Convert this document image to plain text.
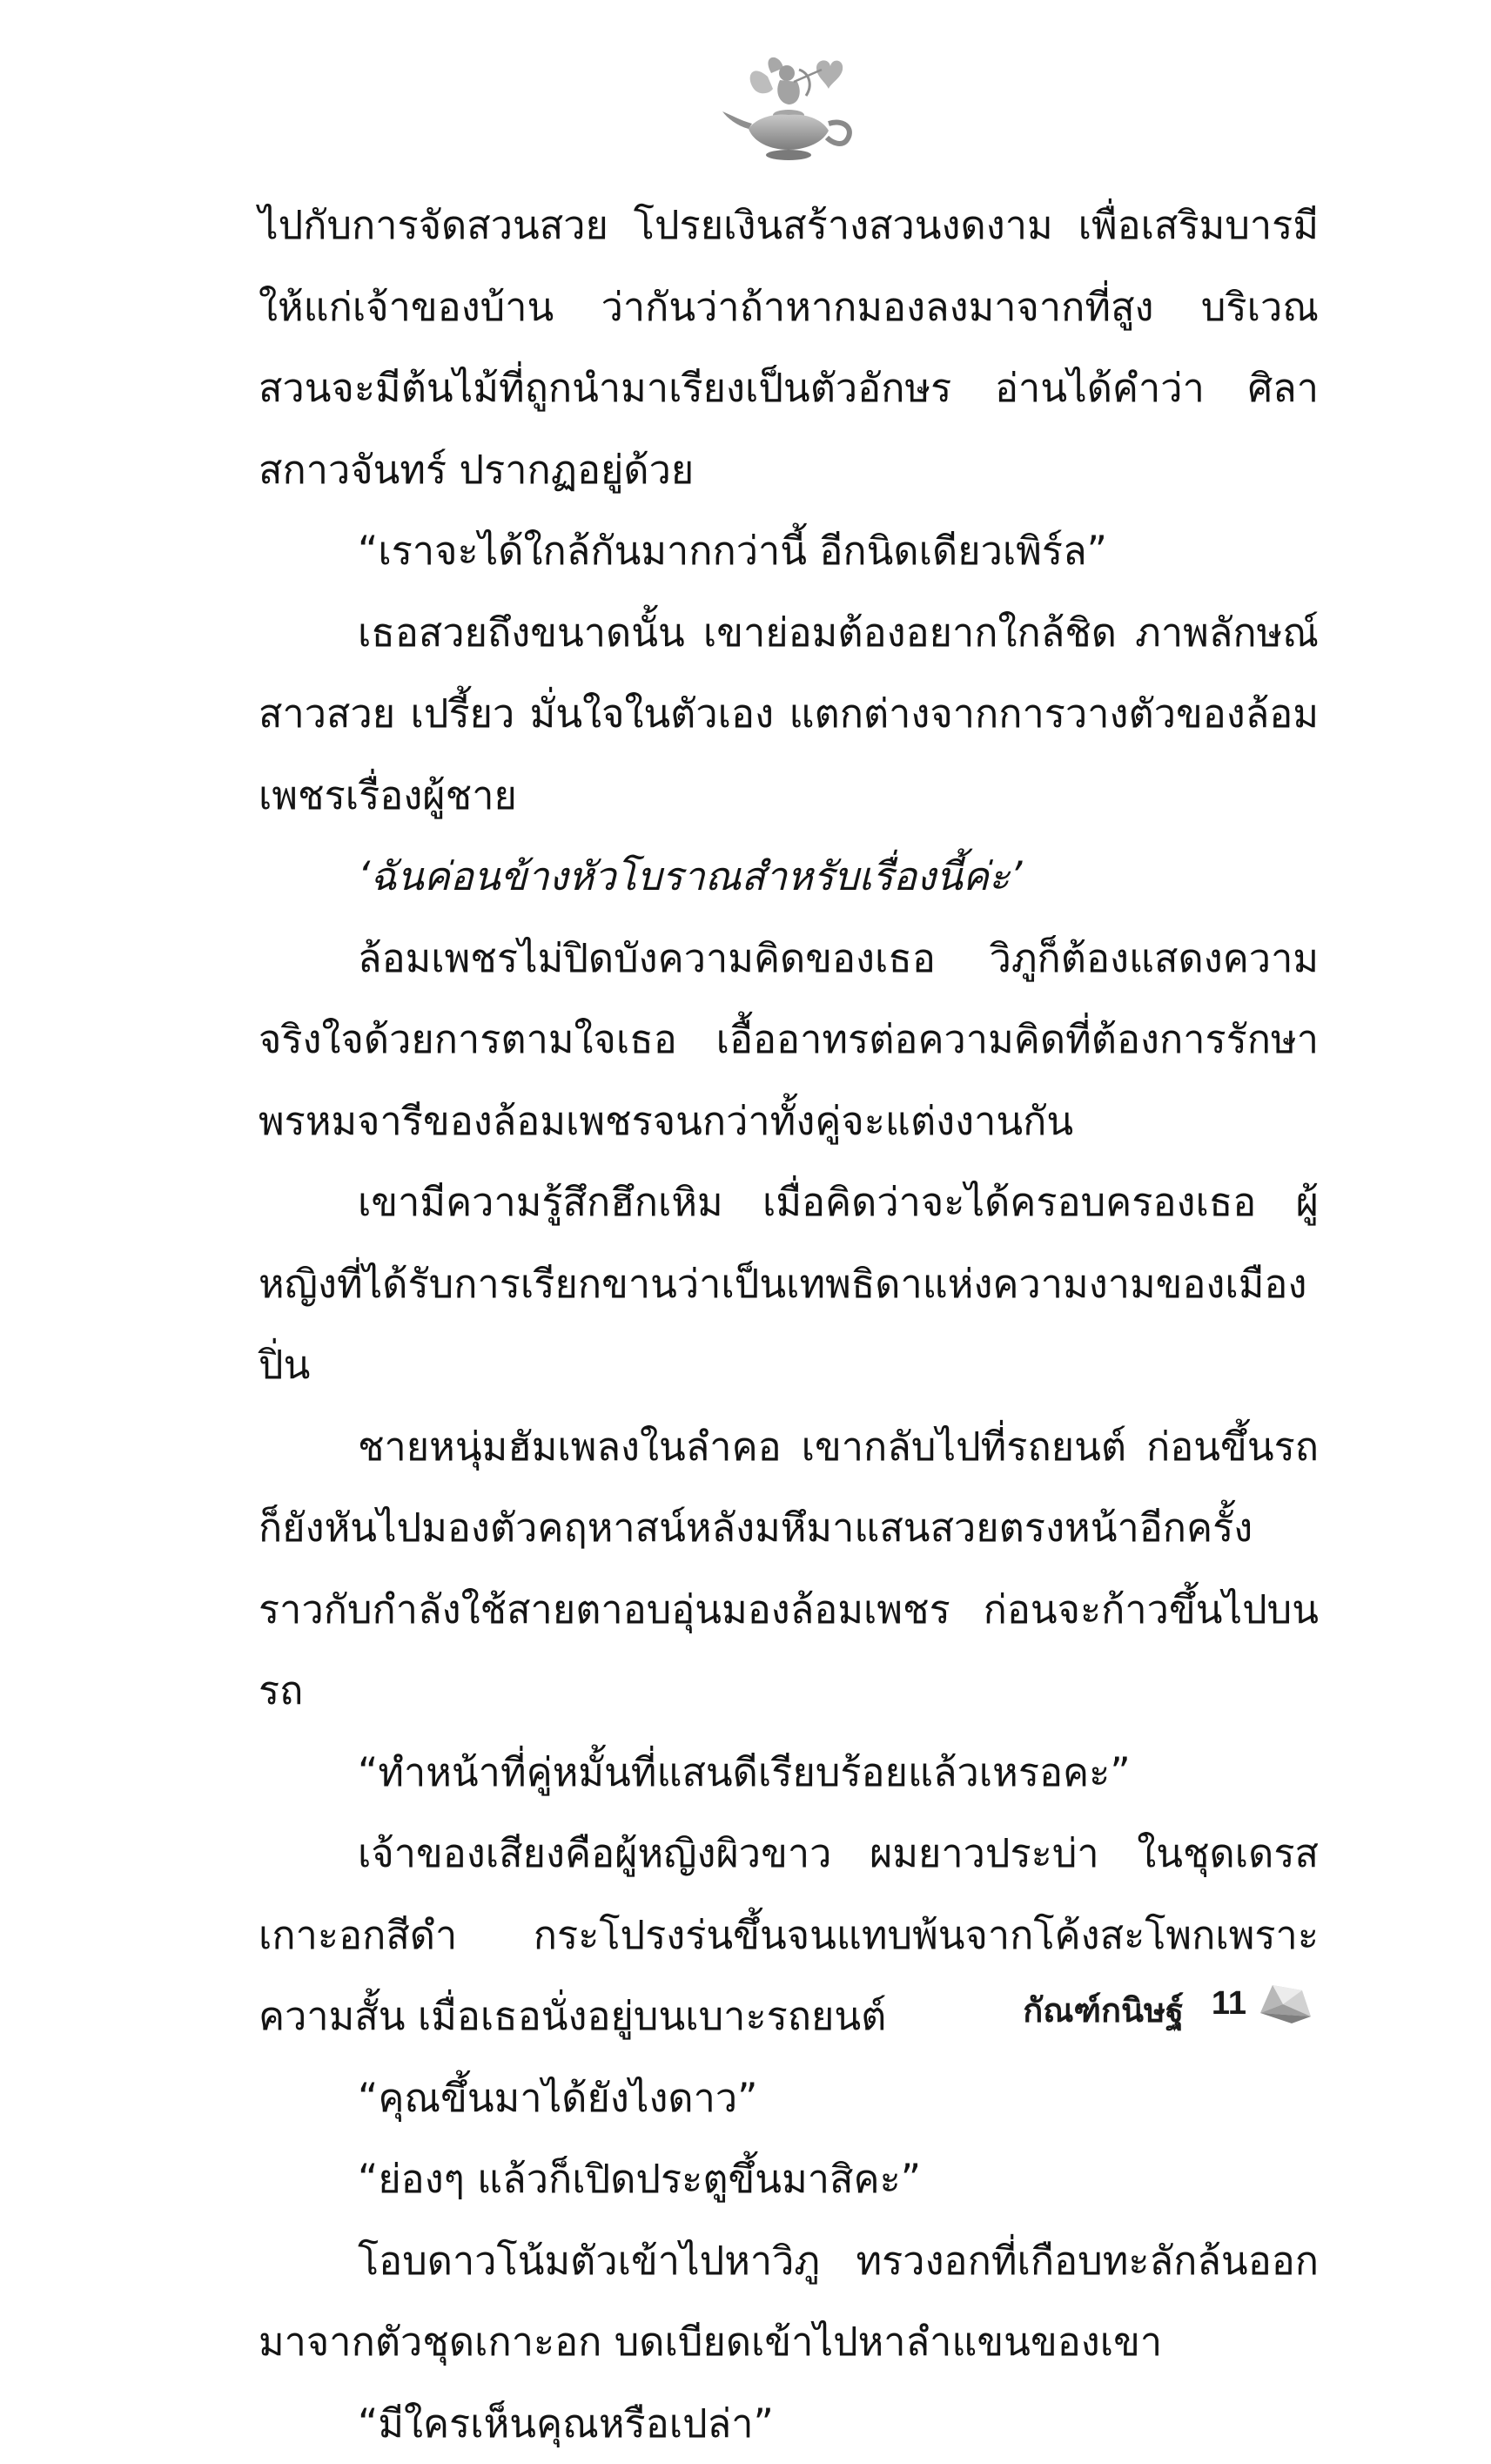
ไปกับการจัดสวนสวย โปรยเงินสร้างสวนงดงาม เพื่อเสริมบารมีให้แก่เจ้าของบ้าน ว่ากันว่าถ้าหากมองลงมาจากที่สูง บริเวณสวนจะมีต้นไม้ที่ถูกนำมาเรียงเป็นตัวอักษร อ่านได้คำว่า ศิลา สกาวจันทร์ ปรากฏอยู่ด้วย

“เราจะได้ใกล้กันมากกว่านี้ อีกนิดเดียวเพิร์ล”

เธอสวยถึงขนาดนั้น เขาย่อมต้องอยากใกล้ชิด ภาพลักษณ์สาวสวย เปรี้ยว มั่นใจในตัวเอง แตกต่างจากการวางตัวของล้อมเพชรเรื่องผู้ชาย

‘ฉันค่อนข้างหัวโบราณสำหรับเรื่องนี้ค่ะ’

ล้อมเพชรไม่ปิดบังความคิดของเธอ วิภูก็ต้องแสดงความจริงใจด้วยการตามใจเธอ เอื้ออาทรต่อความคิดที่ต้องการรักษาพรหมจารีของล้อมเพชรจนกว่าทั้งคู่จะแต่งงานกัน

เขามีความรู้สึกฮึกเหิม เมื่อคิดว่าจะได้ครอบครองเธอ ผู้หญิงที่ได้รับการเรียกขานว่าเป็นเทพธิดาแห่งความงามของเมืองปิ่น

ชายหนุ่มฮัมเพลงในลำคอ เขากลับไปที่รถยนต์ ก่อนขึ้นรถก็ยังหันไปมองตัวคฤหาสน์หลังมหึมาแสนสวยตรงหน้าอีกครั้ง ราวกับกำลังใช้สายตาอบอุ่นมองล้อมเพชร ก่อนจะก้าวขึ้นไปบนรถ

“ทำหน้าที่คู่หมั้นที่แสนดีเรียบร้อยแล้วเหรอคะ”

เจ้าของเสียงคือผู้หญิงผิวขาว ผมยาวประบ่า ในชุดเดรสเกาะอกสีดำ กระโปรงร่นขึ้นจนแทบพ้นจากโค้งสะโพกเพราะความสั้น เมื่อเธอนั่งอยู่บนเบาะรถยนต์

“คุณขึ้นมาได้ยังไงดาว”

“ย่องๆ แล้วก็เปิดประตูขึ้นมาสิคะ”

โอบดาวโน้มตัวเข้าไปหาวิภู ทรวงอกที่เกือบทะลักล้นออกมาจากตัวชุดเกาะอก บดเบียดเข้าไปหาลำแขนของเขา

“มีใครเห็นคุณหรือเปล่า”

กัณฑ์กนิษฐ์ 11
